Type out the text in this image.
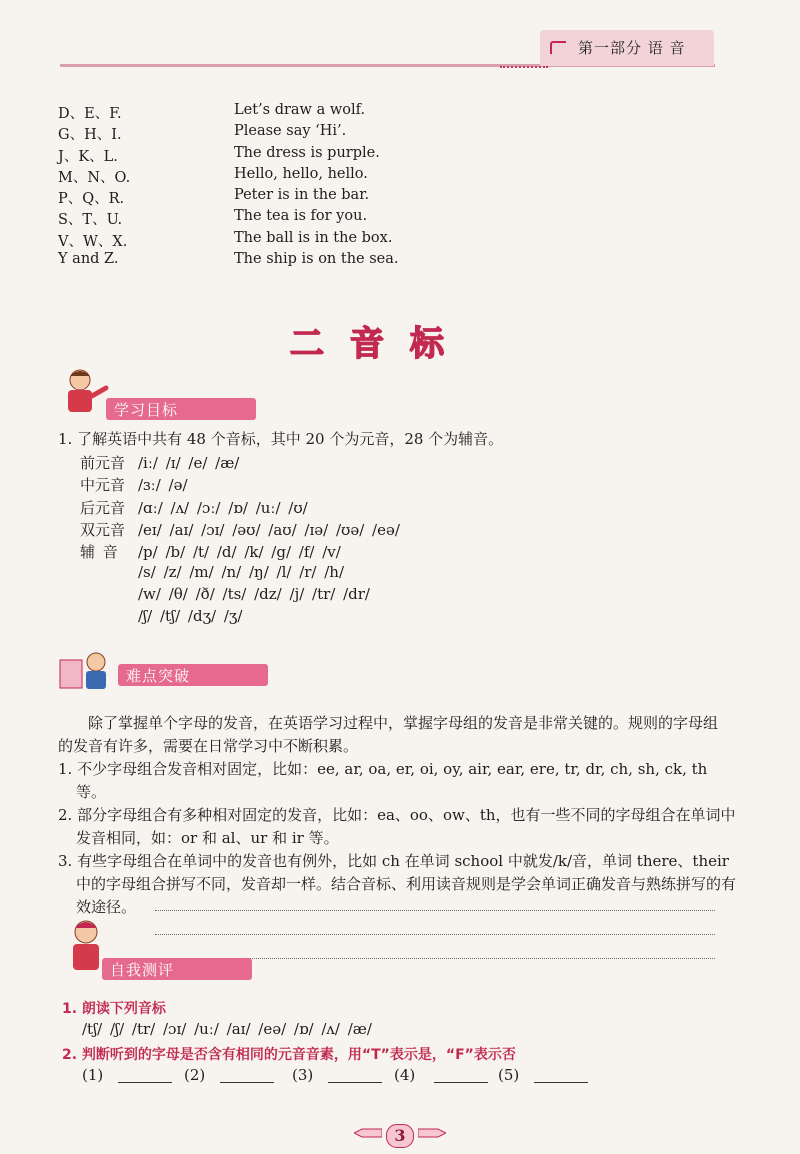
第一部分 语 音
D、E、F.	Let’s draw a wolf.
G、H、I.	Please say ‘Hi’.
J、K、L.	The dress is purple.
M、N、O.	Hello, hello, hello.
P、Q、R.	Peter is in the bar.
S、T、U.	The tea is for you.
V、W、X.	The ball is in the box.
Y and Z.	The ship is on the sea.
二音标
学习目标
1. 了解英语中共有 48 个音标，其中 20 个为元音，28 个为辅音。
前元音 /iː/ /ɪ/ /e/ /æ/
中元音 /ɜː/ /ə/
后元音 /ɑː/ /ʌ/ /ɔː/ /ɒ/ /uː/ /ʊ/
双元音 /eɪ/ /aɪ/ /ɔɪ/ /əʊ/ /aʊ/ /ɪə/ /ʊə/ /eə/
辅 音 /p/ /b/ /t/ /d/ /k/ /g/ /f/ /v/
/s/ /z/ /m/ /n/ /ŋ/ /l/ /r/ /h/
/w/ /θ/ /ð/ /ts/ /dz/ /j/ /tr/ /dr/
/ʃ/ /tʃ/ /dʒ/ /ʒ/
难点突破
除了掌握单个字母的发音，在英语学习过程中，掌握字母组的发音是非常关键的。规则的字母组的发音有许多，需要在日常学习中不断积累。
1. 不少字母组合发音相对固定，比如：ee, ar, oa, er, oi, oy, air, ear, ere, tr, dr, ch, sh, ck, th 等。
2. 部分字母组合有多种相对固定的发音，比如：ea、oo、ow、th，也有一些不同的字母组合在单词中发音相同，如：or 和 al、ur 和 ir 等。
3. 有些字母组合在单词中的发音也有例外，比如 ch 在单词 school 中就发/k/音，单词 there、their 中的字母组合拼写不同，发音却一样。结合音标、利用读音规则是学会单词正确发音与熟练拼写的有效途径。
自我测评
1. 朗读下列音标
/tʃ/ /ʃ/ /tr/ /ɔɪ/ /uː/ /aɪ/ /eə/ /ɒ/ /ʌ/ /æ/
2. 判断听到的字母是否含有相同的元音音素，用“T”表示是，“F”表示否
(1)	(2)	(3)	(4)	(5)
3
